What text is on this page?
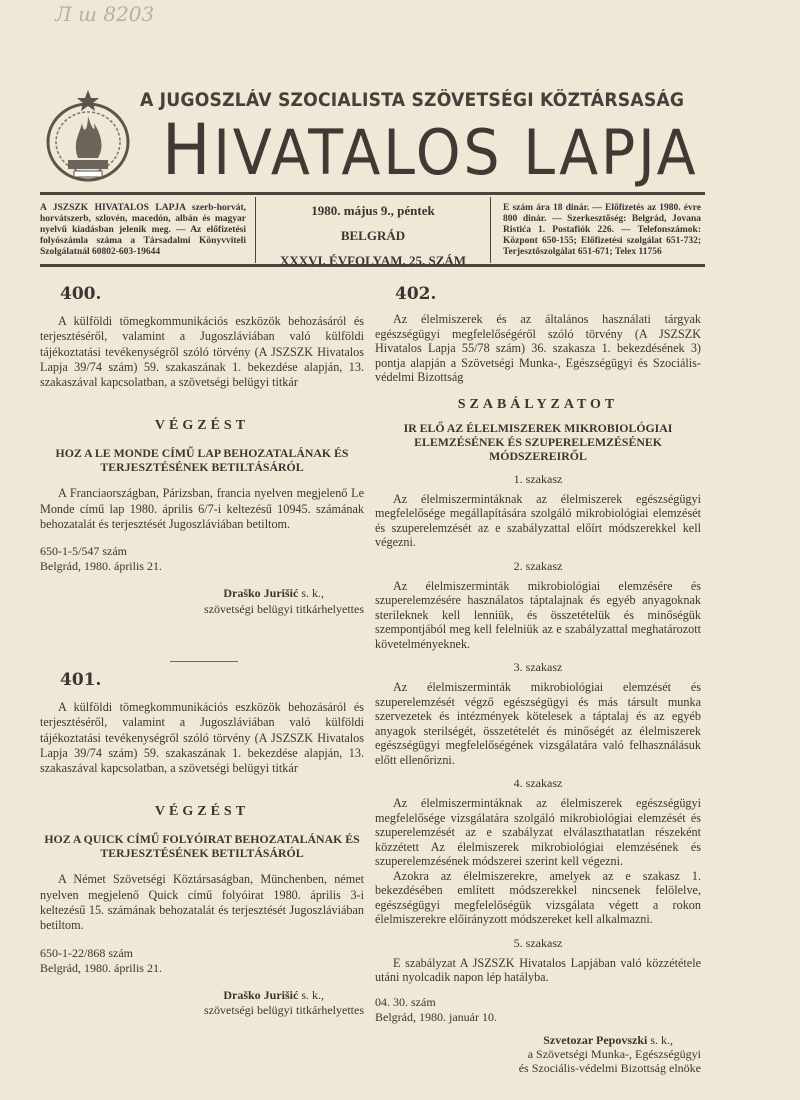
Л ш 8203
A JUGOSZLÁV SZOCIALISTA SZÖVETSÉGI KÖZTÁRSASÁG
HIVATALOS LAPJA
A JSZSZK HIVATALOS LAPJA szerb-horvát, horvátszerb, szlovén, macedón, albán és magyar nyelvű kiadásban jelenik meg. — Az előfizetési folyószámla száma a Társadalmi Könyvviteli Szolgálatnál 60802-603-19644
1980. május 9., péntek
BELGRÁD
XXXVI. ÉVFOLYAM, 25. SZÁM
E szám ára 18 dinár. — Előfizetés az 1980. évre 800 dinár. — Szerkesztőség: Belgrád, Jovana Ristića 1. Postafiók 226. — Telefonszámok: Központ 650-155; Előfizetési szolgálat 651-732; Terjesztőszolgálat 651-671; Telex 11756
400.

A külföldi tömegkommunikációs eszközök behozásáról és terjesztéséről, valamint a Jugoszláviában való külföldi tájékoztatási tevékenységről szóló törvény (A JSZSZK Hivatalos Lapja 39/74 szám) 59. szakaszának 1. bekezdése alapján, 13. szakaszával kapcsolatban, a szövetségi belügyi titkár

VÉGZÉST
HOZ A LE MONDE CÍMŰ LAP BEHOZATALÁNAK ÉS TERJESZTÉSÉNEK BETILTÁSÁRÓL

A Franciaországban, Párizsban, francia nyelven megjelenő Le Monde című lap 1980. április 6/7-i keltezésű 10945. számának behozatalát és terjesztését Jugoszláviában betiltom.

650-1-5/547 szám
Belgrád, 1980. április 21.
Draško Jurišić s. k.,
szövetségi belügyi titkárhelyettes
401.

A külföldi tömegkommunikációs eszközök behozásáról és terjesztéséről, valamint a Jugoszláviában való külföldi tájékoztatási tevékenységről szóló törvény (A JSZSZK Hivatalos Lapja 39/74 szám) 59. szakaszának 1. bekezdése alapján, 13. szakaszával kapcsolatban, a szövetségi belügyi titkár

VÉGZÉST
HOZ A QUICK CÍMŰ FOLYÓIRAT BEHOZATALÁNAK ÉS TERJESZTÉSÉNEK BETILTÁSÁRÓL

A Német Szövetségi Köztársaságban, Münchenben, német nyelven megjelenő Quick című folyóirat 1980. április 3-i keltezésű 15. számának behozatalát és terjesztését Jugoszláviában betiltom.

650-1-22/868 szám
Belgrád, 1980. április 21.
Draško Jurišić s. k.,
szövetségi belügyi titkárhelyettes
402.

Az élelmiszerek és az általános használati tárgyak egészségügyi megfelelőségéről szóló törvény (A JSZSZK Hivatalos Lapja 55/78 szám) 36. szakasza 1. bekezdésének 3) pontja alapján a Szövetségi Munka-, Egészségügyi és Szociális-védelmi Bizottság

SZABÁLYZATOT
IR ELŐ AZ ÉLELMISZEREK MIKROBIOLÓGIAI ELEMZÉSÉNEK ÉS SZUPERELEMZÉSÉNEK MÓDSZEREIRŐL
1. szakasz

Az élelmiszermintáknak az élelmiszerek egészségügyi megfelelősége megállapítására szolgáló mikrobiológiai elemzését és szuperelemzését az e szabályzattal előírt módszerekkel kell végezni.

2. szakasz

Az élelmiszerminták mikrobiológiai elemzésére és szuperelemzésére használatos táptalajnak és egyéb anyagoknak sterileknek kell lenniük, és összetételük és minőségük szempontjából meg kell felelniük az e szabályzattal meghatározott követelményeknek.

3. szakasz

Az élelmiszerminták mikrobiológiai elemzését és szuperelemzését végző egészségügyi és más társult munka szervezetek és intézmények kötelesek a táptalaj és az egyéb anyagok sterilségét, összetételét és minőségét az élelmiszerek egészségügyi megfelelőségének vizsgálatára való felhasználásuk előtt ellenőrizni.

4. szakasz

Az élelmiszermintáknak az élelmiszerek egészségügyi megfelelősége vizsgálatára szolgáló mikrobiológiai elemzését és szuperelemzését az e szabályzat elválaszthatatlan részeként közzétett Az élelmiszerek mikrobiológiai elemzésének és szuperelemzésének módszerei szerint kell végezni.

Azokra az élelmiszerekre, amelyek az e szakasz 1. bekezdésében említett módszerekkel nincsenek felölelve, egészségügyi megfelelőségük vizsgálata végett a rokon élelmiszerekre előirányzott módszereket kell alkalmazni.

5. szakasz

E szabályzat A JSZSZK Hivatalos Lapjában való közzététele utáni nyolcadik napon lép hatályba.

04. 30. szám
Belgrád, 1980. január 10.
Szvetozar Pepovszki s. k.,
a Szövetségi Munka-, Egészségügyi
és Szociális-védelmi Bizottság elnöke
